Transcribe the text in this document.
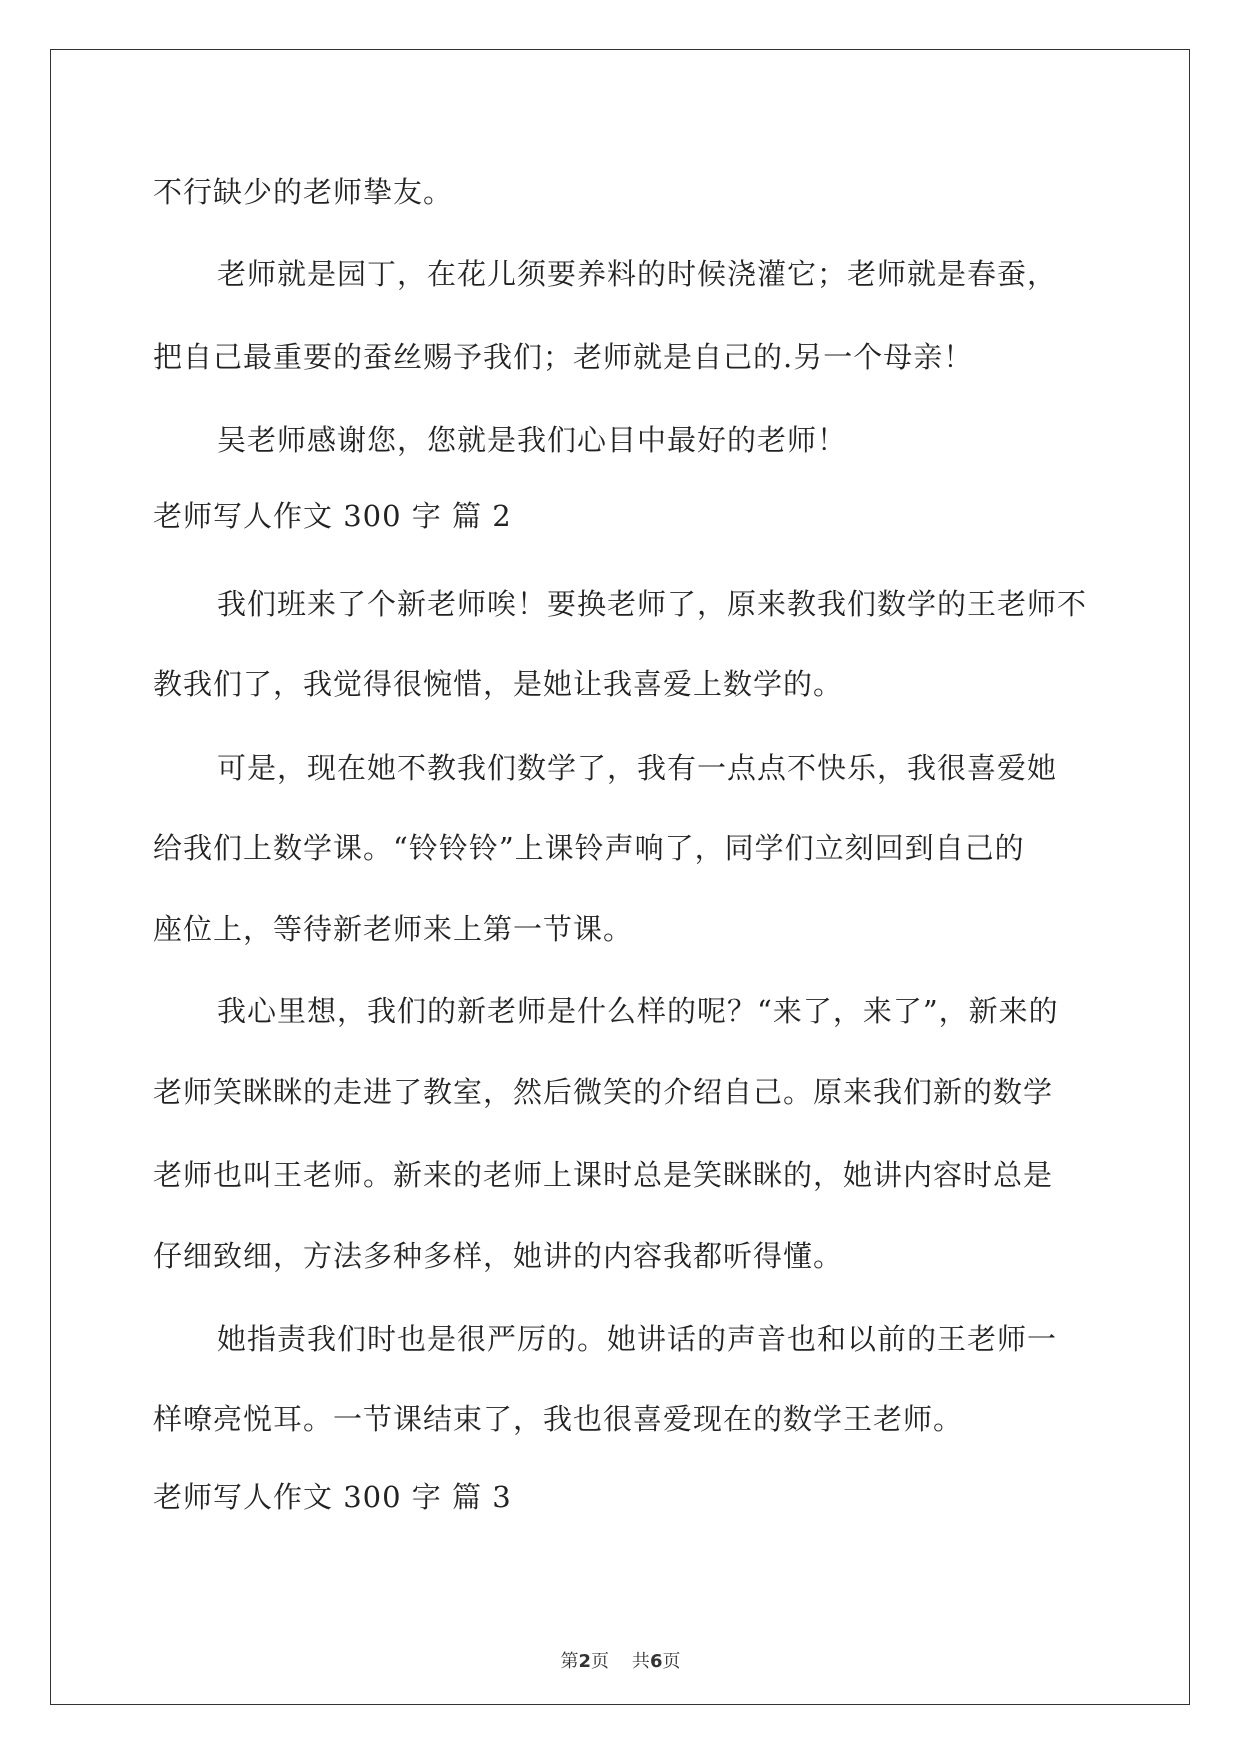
不行缺少的老师挚友。
老师就是园丁，在花儿须要养料的时候浇灌它；老师就是春蚕，
把自己最重要的蚕丝赐予我们；老师就是自己的.另一个母亲！
吴老师感谢您，您就是我们心目中最好的老师！
老师写人作文 300 字 篇 2
我们班来了个新老师唉！要换老师了，原来教我们数学的王老师不
教我们了，我觉得很惋惜，是她让我喜爱上数学的。
可是，现在她不教我们数学了，我有一点点不快乐，我很喜爱她
给我们上数学课。“铃铃铃”上课铃声响了，同学们立刻回到自己的
座位上，等待新老师来上第一节课。
我心里想，我们的新老师是什么样的呢？“来了，来了”，新来的
老师笑眯眯的走进了教室，然后微笑的介绍自己。原来我们新的数学
老师也叫王老师。新来的老师上课时总是笑眯眯的，她讲内容时总是
仔细致细，方法多种多样，她讲的内容我都听得懂。
她指责我们时也是很严厉的。她讲话的声音也和以前的王老师一
样嘹亮悦耳。一节课结束了，我也很喜爱现在的数学王老师。
老师写人作文 300 字 篇 3
第2页    共6页
